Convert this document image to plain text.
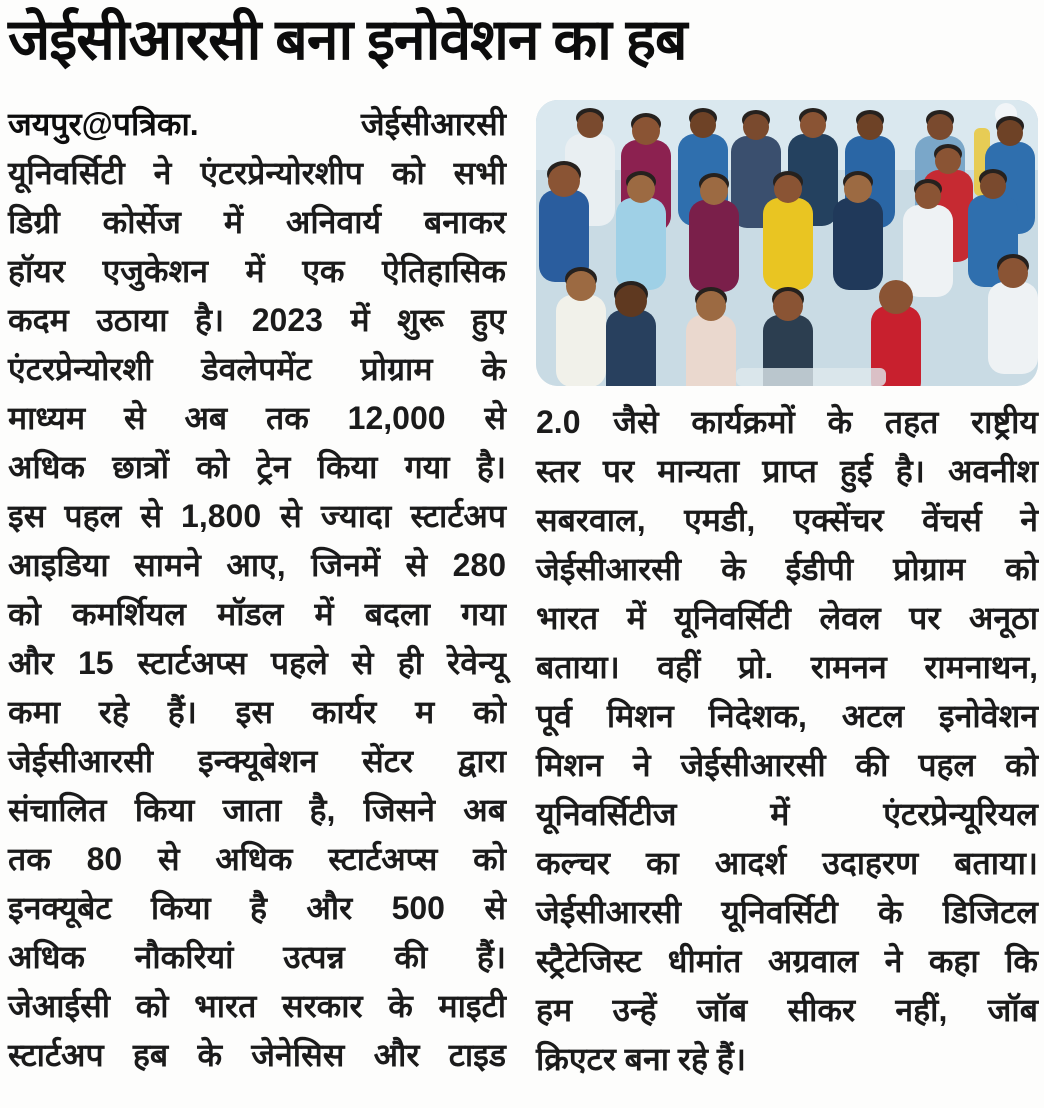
जेईसीआरसी बना इनोवेशन का हब
जयपुर@पत्रिका.	जेईसीआरसी
यूनिवर्सिटी ने एंटरप्रेन्योरशीप को सभी
डिग्री कोर्सेज में अनिवार्य बनाकर
हॉयर एजुकेशन में एक ऐतिहासिक
कदम उठाया है। 2023 में शुरू हुए
एंटरप्रेन्योरशी डेवलेपमेंट प्रोग्राम के
माध्यम से अब तक 12,000 से
अधिक छात्रों को ट्रेन किया गया है।
इस पहल से 1,800 से ज्यादा स्टार्टअप
आइडिया सामने आए, जिनमें से 280
को कमर्शियल मॉडल में बदला गया
और 15 स्टार्टअप्स पहले से ही रेवेन्यू
कमा रहे हैं। इस कार्यर म को
जेईसीआरसी इन्क्यूबेशन सेंटर द्वारा
संचालित किया जाता है, जिसने अब
तक 80 से अधिक स्टार्टअप्स को
इनक्यूबेट किया है और 500 से
अधिक नौकरियां उत्पन्न की हैं।
जेआईसी को भारत सरकार के माइटी
स्टार्टअप हब के जेनेसिस और टाइड
2.0 जैसे कार्यक्रमों के तहत राष्ट्रीय
स्तर पर मान्यता प्राप्त हुई है। अवनीश
सबरवाल, एमडी, एक्सेंचर वेंचर्स ने
जेईसीआरसी के ईडीपी प्रोग्राम को
भारत में यूनिवर्सिटी लेवल पर अनूठा
बताया। वहीं प्रो. रामनन रामनाथन,
पूर्व मिशन निदेशक, अटल इनोवेशन
मिशन ने जेईसीआरसी की पहल को
यूनिवर्सिटीज में एंटरप्रेन्यूरियल
कल्चर का आदर्श उदाहरण बताया।
जेईसीआरसी यूनिवर्सिटी के डिजिटल
स्ट्रैटेजिस्ट धीमांत अग्रवाल ने कहा कि
हम उन्हें जॉब सीकर नहीं, जॉब
क्रिएटर बना रहे हैं।
